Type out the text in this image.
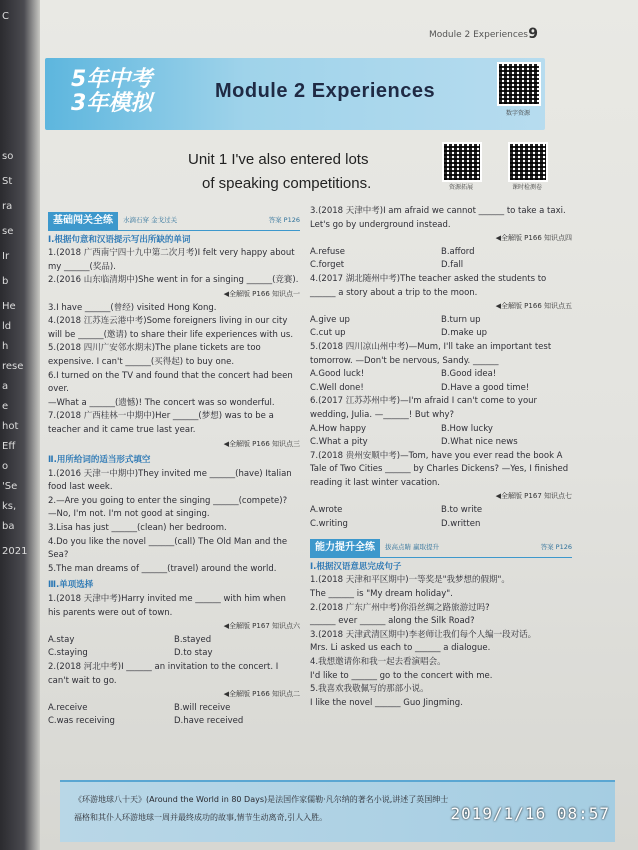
C
so
St
ra
se
Ir
b
He
ld
h
rese
a
e
hot
Eff
o
'Se
ks,
ba
2021
Module 2 Experiences 9
5年中考
3年模拟	Module 2 Experiences
数字资源
Unit 1 I've also entered lots
of speaking competitions.	资源拓展	课时检测卷
基础闯关全练	水滴石穿 金戈过关	答案 P126
Ⅰ.根据句意和汉语提示写出所缺的单词

1.(2018 广西南宁四十九中第二次月考)I felt very happy about my ______(奖品).

2.(2016 山东临清期中)She went in for a singing ______(竞赛).

◀全解版 P166 知识点一

3.I have ______(曾经) visited Hong Kong.

4.(2018 江苏连云港中考)Some foreigners living in our city will be ______(邀请) to share their life experiences with us.

5.(2018 四川广安邻水期末)The plane tickets are too expensive. I can't ______(买得起) to buy one.

6.I turned on the TV and found that the concert had been over.

—What a ______(遗憾)! The concert was so wonderful.

7.(2018 广西桂林一中期中)Her ______(梦想) was to be a teacher and it came true last year.

◀全解版 P166 知识点三
Ⅱ.用所给词的适当形式填空

1.(2016 天津一中期中)They invited me ______(have) Italian food last week.

2.—Are you going to enter the singing ______(compete)?

—No, I'm not. I'm not good at singing.

3.Lisa has just ______(clean) her bedroom.

4.Do you like the novel ______(call) The Old Man and the Sea?

5.The man dreams of ______(travel) around the world.

Ⅲ.单项选择

1.(2018 天津中考)Harry invited me ______ with him when his parents were out of town.

◀全解版 P167 知识点六
A.stay	B.stayed
C.staying	D.to stay

2.(2018 河北中考)I ______ an invitation to the concert. I can't wait to go.

◀全解版 P166 知识点二
A.receive	B.will receive
C.was receiving	D.have received

3.(2018 天津中考)I am afraid we cannot ______ to take a taxi. Let's go by underground instead.

◀全解版 P166 知识点四
A.refuse	B.afford
C.forget	D.fall

4.(2017 湖北随州中考)The teacher asked the students to ______ a story about a trip to the moon.

◀全解版 P166 知识点五
A.give up	B.turn up
C.cut up	D.make up

5.(2018 四川凉山州中考)—Mum, I'll take an important test tomorrow. —Don't be nervous, Sandy. ______

A.Good luck!	B.Good idea!
C.Well done!	D.Have a good time!

6.(2017 江苏苏州中考)—I'm afraid I can't come to your wedding, Julia. —______! But why?

A.How happy	B.How lucky
C.What a pity	D.What nice news

7.(2018 贵州安顺中考)—Tom, have you ever read the book A Tale of Two Cities ______ by Charles Dickens? —Yes, I finished reading it last winter vacation.

◀全解版 P167 知识点七
A.wrote	B.to write
C.writing	D.written
能力提升全练	拔高点睛 赢取提升	答案 P126
Ⅰ.根据汉语意思完成句子

1.(2018 天津和平区期中)一等奖是"我梦想的假期"。

The ______ is "My dream holiday".

2.(2018 广东广州中考)你沿丝绸之路旅游过吗?

______ ever ______ along the Silk Road?

3.(2018 天津武清区期中)李老师让我们每个人编一段对话。

Mrs. Li asked us each to ______ a dialogue.

4.我想邀请你和我一起去看演唱会。

I'd like to ______ go to the concert with me.

5.我喜欢我敬佩写的那部小说。

I like the novel ______ Guo Jingming.

《环游地球八十天》(Around the World in 80 Days)是法国作家儒勒·凡尔纳的著名小说,讲述了英国绅士

福格和其仆人环游地球一周并最终成功的故事,情节生动离奇,引人入胜。	2019/1/16 08:57
